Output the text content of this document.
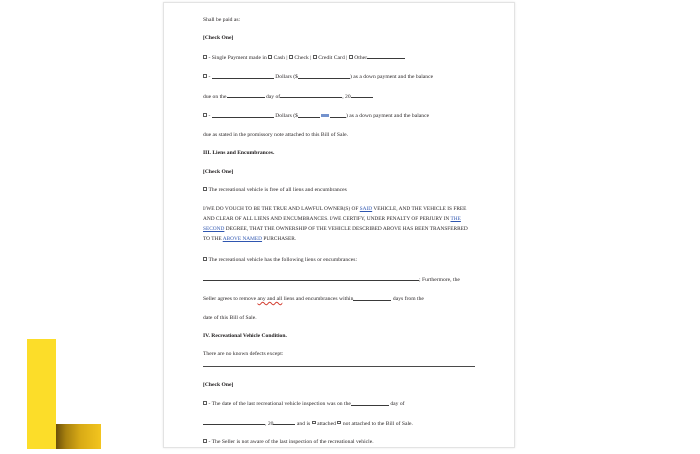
Shall be paid as:

[Check One]

- Single Payment made in Cash | Check | Credit Card | Other

-	Dollars ($	) as a down payment and the balance

due on the	day of	, 20

-	Dollars ($	) as a down payment and the balance

due as stated in the promissory note attached to this Bill of Sale.

III. Liens and Encumbrances.

[Check One]

The recreational vehicle is free of all liens and encumbrances

I/WE DO VOUCH TO BE THE TRUE AND LAWFUL OWNER(S) OF SAID VEHICLE, AND THE VEHICLE IS FREE AND CLEAR OF ALL LIENS AND ENCUMBRANCES. I/WE CERTIFY, UNDER PENALTY OF PERJURY IN THE SECOND DEGREE, THAT THE OWNERSHIP OF THE VEHICLE DESCRIBED ABOVE HAS BEEN TRANSFERRED TO THE ABOVE NAMED PURCHASER.

The recreational vehicle has the following liens or encumbrances:

; Furthermore, the

Seller agrees to remove any and all liens and encumbrances within	days from the

date of this Bill of Sale.

IV. Recreational Vehicle Condition.

There are no known defects except:

[Check One]

- The date of the last recreational vehicle inspection was on the	day of

, 20	and is attached not attached to the Bill of Sale.

- The Seller is not aware of the last inspection of the recreational vehicle.
